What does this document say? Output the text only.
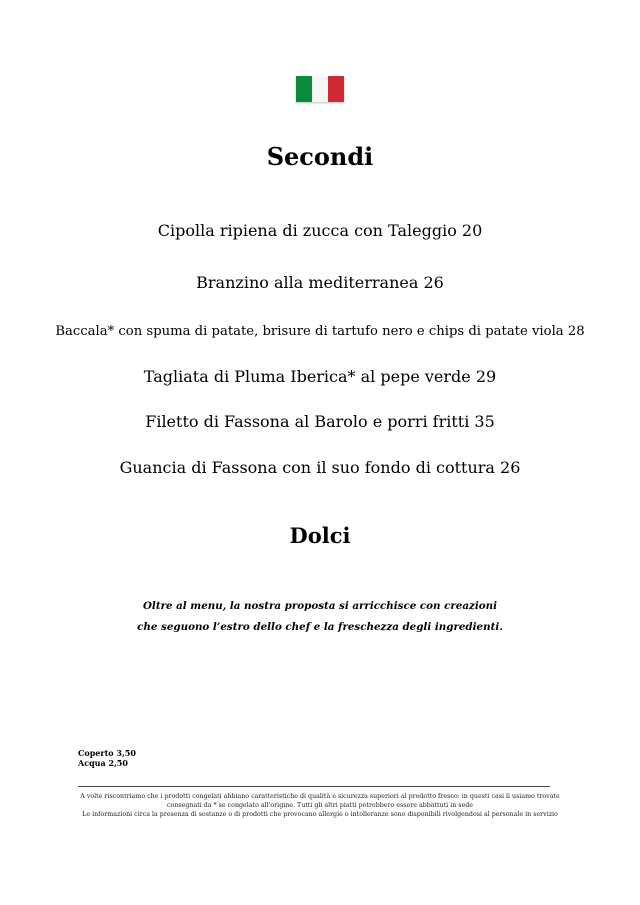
Secondi

Cipolla ripiena di zucca con Taleggio 20

Branzino alla mediterranea 26

Baccala* con spuma di patate, brisure di tartufo nero e chips di patate viola 28

Tagliata di Pluma Iberica* al pepe verde 29

Filetto di Fassona al Barolo e porri fritti 35

Guancia di Fassona con il suo fondo di cottura 26

Dolci

Oltre al menu, la nostra proposta si arricchisce con creazioni

che seguono l’estro dello chef e la freschezza degli ingredienti.

Coperto 3,50
Acqua 2,50

A volte riscontriamo che i prodotti congelati abbiano caratteristiche di qualità e sicurezza superiori al prodotto fresco: in questi casi li usiamo trovate

consegnati da * se congelato all'origine. Tutti gli altri piatti potrebbero essere abbattuti in sede

Le informazioni circa la presenza di sostanze o di prodotti che provocano allergie o intolleranze sono disponibili rivolgendosi al personale in servizio
